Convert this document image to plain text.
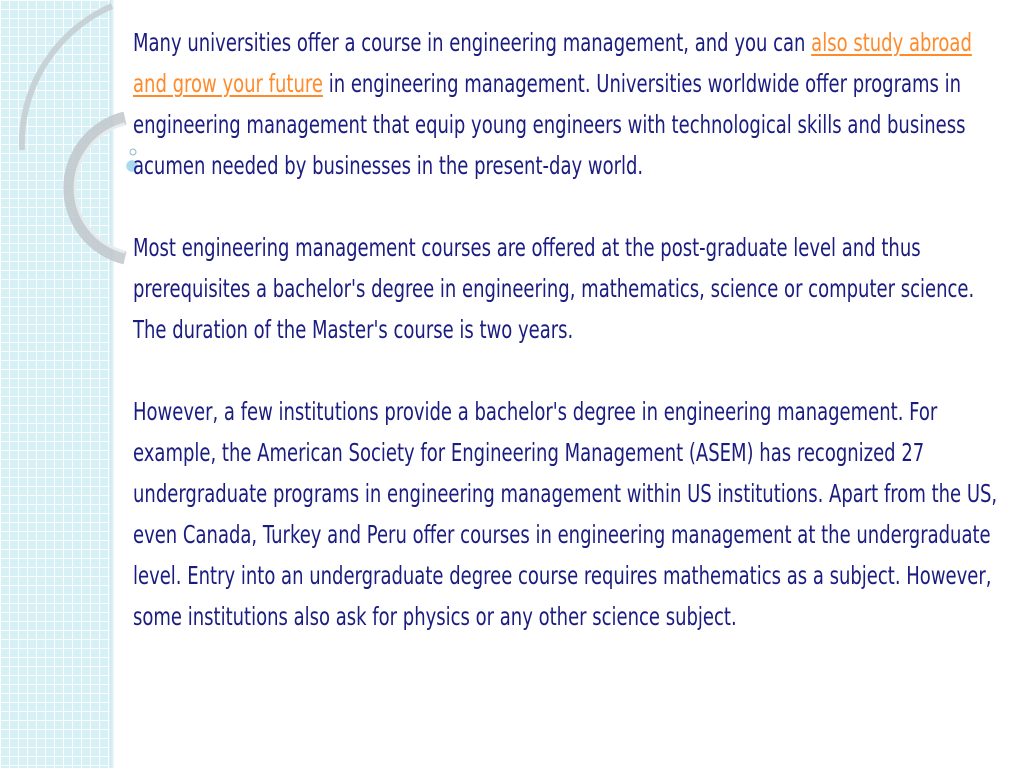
Many universities offer a course in engineering management, and you can also study abroad and grow your future in engineering management. Universities worldwide offer programs in engineering management that equip young engineers with technological skills and business acumen needed by businesses in the present-day world.

Most engineering management courses are offered at the post-graduate level and thus prerequisites a bachelor's degree in engineering, mathematics, science or computer science. The duration of the Master's course is two years.

However, a few institutions provide a bachelor's degree in engineering management. For example, the American Society for Engineering Management (ASEM) has recognized 27 undergraduate programs in engineering management within US institutions. Apart from the US, even Canada, Turkey and Peru offer courses in engineering management at the undergraduate level. Entry into an undergraduate degree course requires mathematics as a subject. However, some institutions also ask for physics or any other science subject.
